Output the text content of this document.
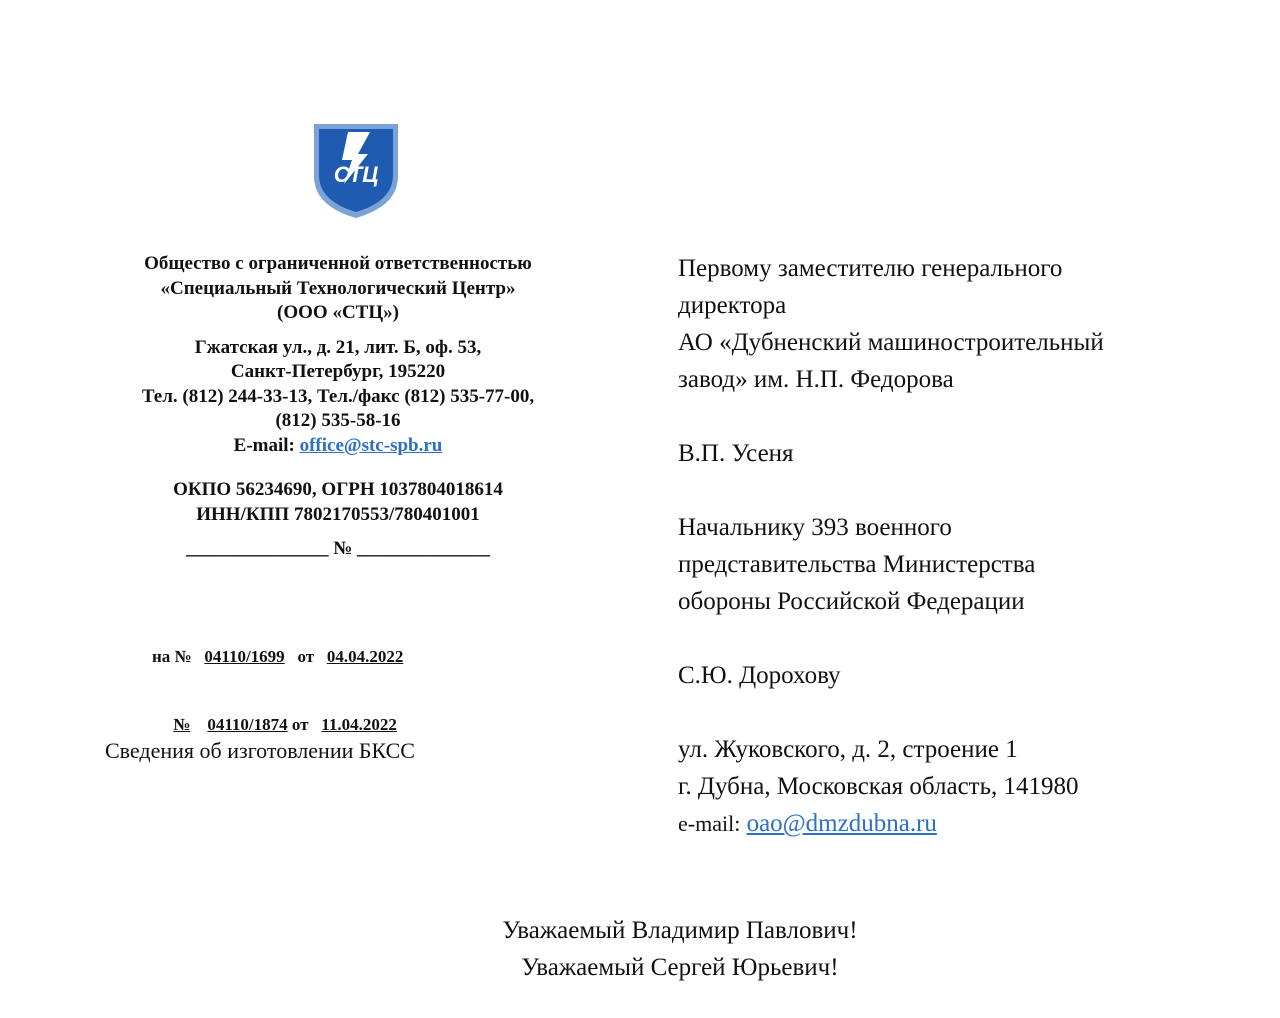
СТЦ
Общество с ограниченной ответственностью
«Специальный Технологический Центр»
(ООО «СТЦ»)
Гжатская ул., д. 21, лит. Б, оф. 53,
Санкт-Петербург, 195220
Тел. (812) 244-33-13, Тел./факс (812) 535-77-00,
(812) 535-58-16
E-mail: office@stc-spb.ru
ОКПО 56234690, ОГРН 1037804018614
ИНН/КПП 7802170553/780401001
_______________ № ______________

на № 04110/1699 от 04.04.2022

№ 04110/1874 от 11.04.2022

Сведения об изготовлении БКСС
Первому заместителю генерального
директора
АО «Дубненский машиностроительный
завод» им. Н.П. Федорова
В.П. Усеня
Начальнику 393 военного
представительства Министерства
обороны Российской Федерации
С.Ю. Дорохову
ул. Жуковского, д. 2, строение 1
г. Дубна, Московская область, 141980
e-mail: oao@dmzdubna.ru
Уважаемый Владимир Павлович!
Уважаемый Сергей Юрьевич!
